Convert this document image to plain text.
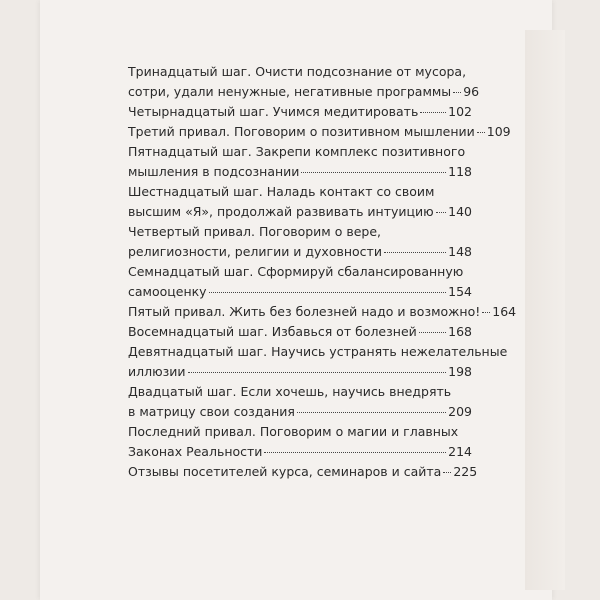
Тринадцатый шаг. Очисти подсознание от мусора,
сотри, удали ненужные, негативные программы 96
Четырнадцатый шаг. Учимся медитировать 102
Третий привал. Поговорим о позитивном мышлении 109
Пятнадцатый шаг. Закрепи комплекс позитивного
мышления в подсознании	118
Шестнадцатый шаг. Наладь контакт со своим
высшим «Я», продолжай развивать интуицию 140
Четвертый привал. Поговорим о вере,
религиозности, религии и духовности	148
Семнадцатый шаг. Сформируй сбалансированную
самооценку	154
Пятый привал. Жить без болезней надо и возможно! 164
Восемнадцатый шаг. Избавься от болезней	168
Девятнадцатый шаг. Научись устранять нежелательные
иллюзии	198
Двадцатый шаг. Если хочешь, научись внедрять
в матрицу свои создания	209
Последний привал. Поговорим о магии и главных
Законах Реальности	214
Отзывы посетителей курса, семинаров и сайта 225
